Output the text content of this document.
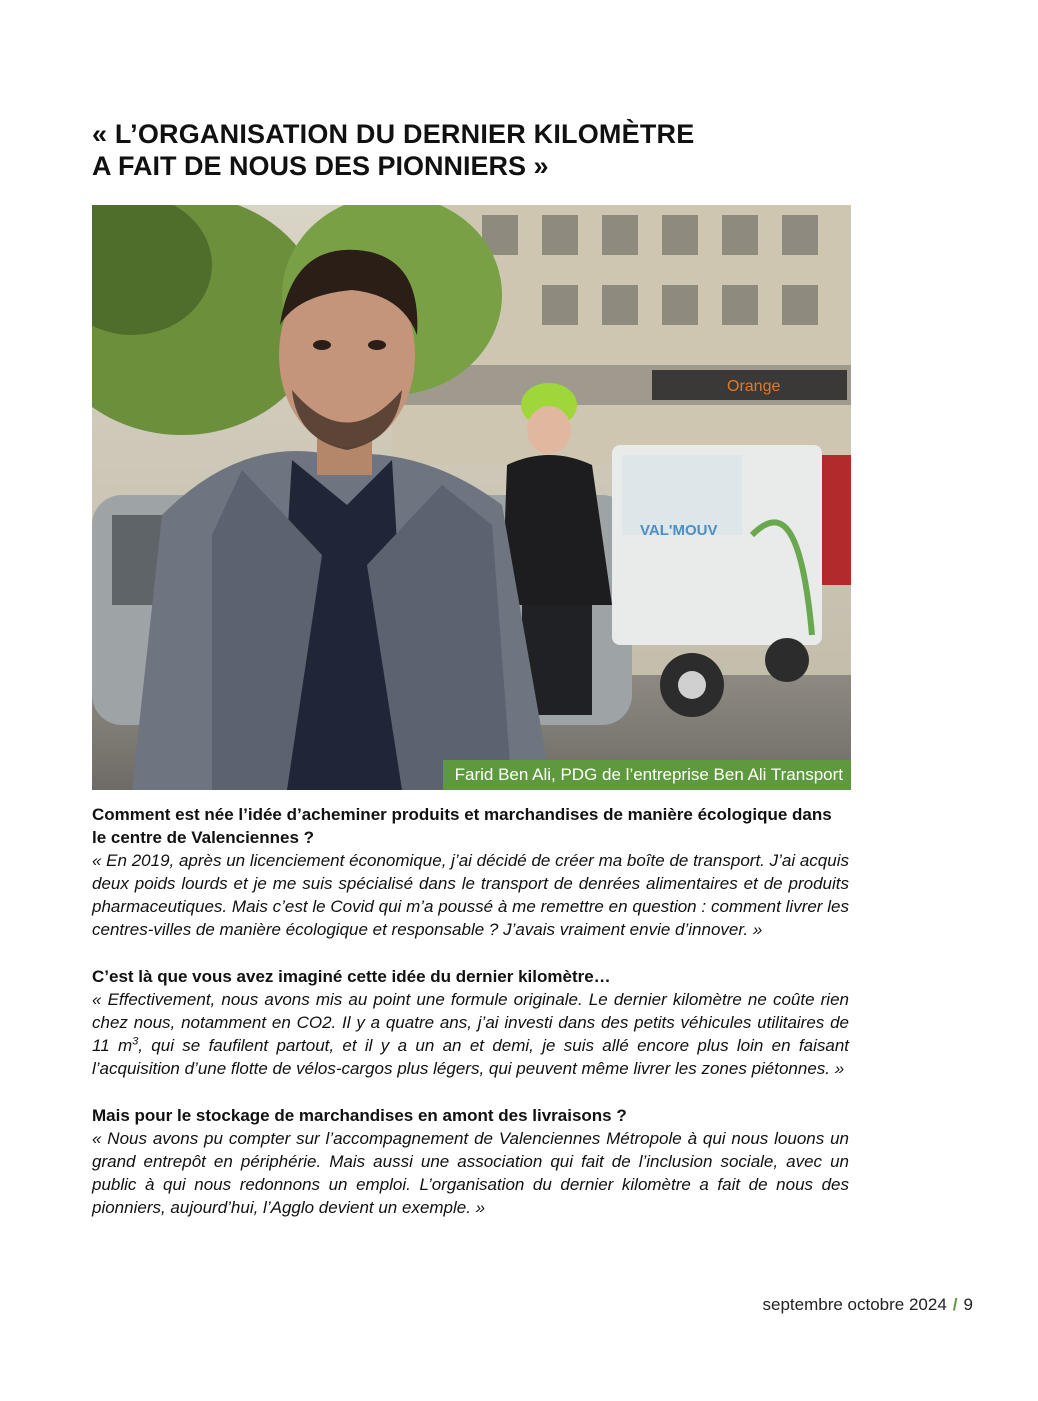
« L’ORGANISATION DU DERNIER KILOMÈTRE
A FAIT DE NOUS DES PIONNIERS »
Orange
VAL'MOUV
Farid Ben Ali, PDG de l’entreprise Ben Ali Transport

Comment est née l’idée d’acheminer produits et marchandises de manière écologique dans le centre de Valenciennes ?

« En 2019, après un licenciement économique, j’ai décidé de créer ma boîte de transport. J’ai acquis deux poids lourds et je me suis spécialisé dans le transport de denrées alimentaires et de produits pharmaceutiques. Mais c’est le Covid qui m’a poussé à me remettre en question : comment livrer les centres-villes de manière écologique et responsable ? J’avais vraiment envie d’innover. »

C’est là que vous avez imaginé cette idée du dernier kilomètre…

« Effectivement, nous avons mis au point une formule originale. Le dernier kilomètre ne coûte rien chez nous, notamment en CO2. Il y a quatre ans, j’ai investi dans des petits véhicules utilitaires de 11 $m^3$, qui se faufilent partout, et il y a un an et demi, je suis allé encore plus loin en faisant l’acquisition d’une flotte de vélos-cargos plus légers, qui peuvent même livrer les zones piétonnes. »

Mais pour le stockage de marchandises en amont des livraisons ?

« Nous avons pu compter sur l’accompagnement de Valenciennes Métropole à qui nous louons un grand entrepôt en périphérie. Mais aussi une association qui fait de l’inclusion sociale, avec un public à qui nous redonnons un emploi. L’organisation du dernier kilomètre a fait de nous des pionniers, aujourd’hui, l’Agglo devient un exemple. »

septembre octobre 2024 / 9
